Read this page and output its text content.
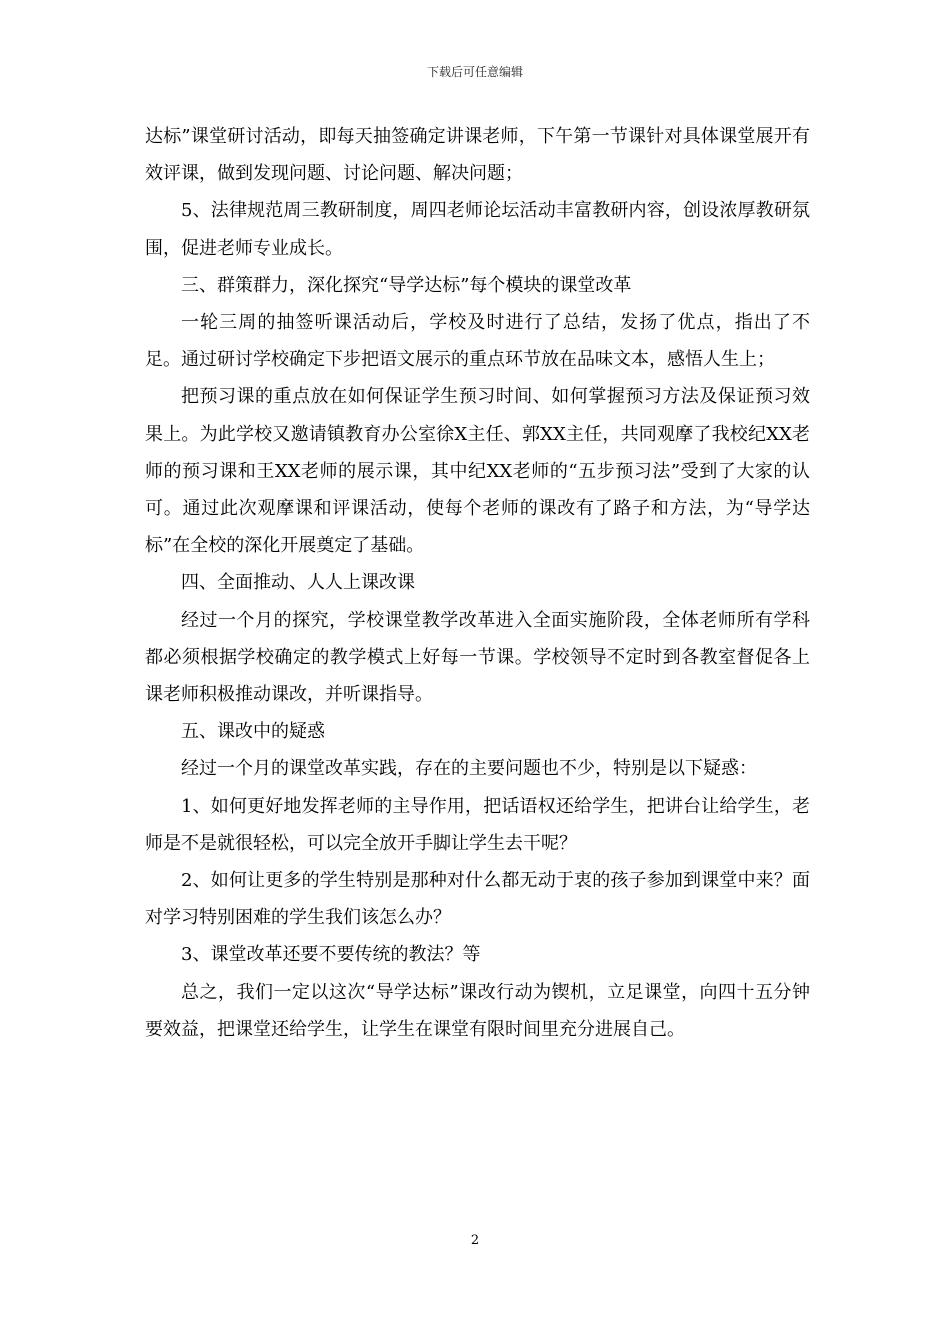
下载后可任意编辑

达标”课堂研讨活动，即每天抽签确定讲课老师，下午第一节课针对具体课堂展开有效评课，做到发现问题、讨论问题、解决问题；

5、法律规范周三教研制度，周四老师论坛活动丰富教研内容，创设浓厚教研氛围，促进老师专业成长。

三、群策群力，深化探究“导学达标”每个模块的课堂改革

一轮三周的抽签听课活动后，学校及时进行了总结，发扬了优点，指出了不足。通过研讨学校确定下步把语文展示的重点环节放在品味文本，感悟人生上；

把预习课的重点放在如何保证学生预习时间、如何掌握预习方法及保证预习效果上。为此学校又邀请镇教育办公室徐X主任、郭XX主任，共同观摩了我校纪XX老师的预习课和王XX老师的展示课，其中纪XX老师的“五步预习法”受到了大家的认可。通过此次观摩课和评课活动，使每个老师的课改有了路子和方法，为“导学达标”在全校的深化开展奠定了基础。

四、全面推动、人人上课改课

经过一个月的探究，学校课堂教学改革进入全面实施阶段，全体老师所有学科都必须根据学校确定的教学模式上好每一节课。学校领导不定时到各教室督促各上课老师积极推动课改，并听课指导。

五、课改中的疑惑

经过一个月的课堂改革实践，存在的主要问题也不少，特别是以下疑惑：

1、如何更好地发挥老师的主导作用，把话语权还给学生，把讲台让给学生，老师是不是就很轻松，可以完全放开手脚让学生去干呢？

2、如何让更多的学生特别是那种对什么都无动于衷的孩子参加到课堂中来？面对学习特别困难的学生我们该怎么办？

3、课堂改革还要不要传统的教法？等

总之，我们一定以这次“导学达标”课改行动为锲机，立足课堂，向四十五分钟要效益，把课堂还给学生，让学生在课堂有限时间里充分进展自己。

2
